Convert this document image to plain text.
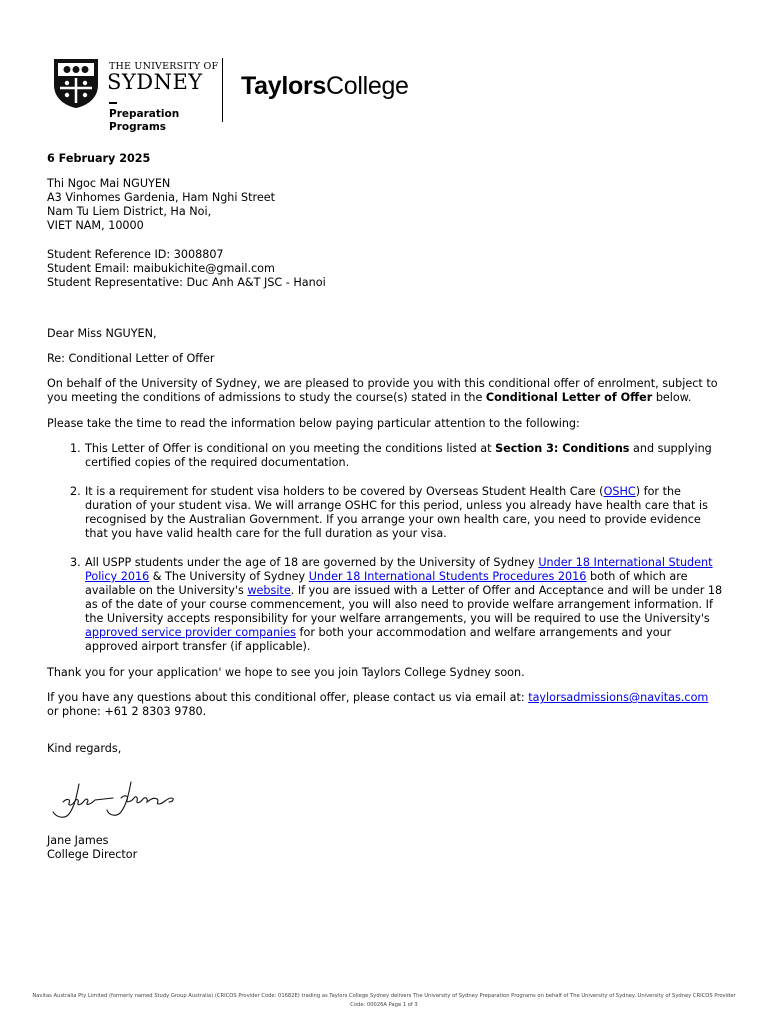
THE UNIVERSITY OF
SYDNEY
Preparation
Programs
TaylorsCollege
6 February 2025
Thi Ngoc Mai NGUYEN
A3 Vinhomes Gardenia, Ham Nghi Street
Nam Tu Liem District, Ha Noi,
VIET NAM, 10000
Student Reference ID: 3008807
Student Email: maibukichite@gmail.com
Student Representative: Duc Anh A&T JSC - Hanoi
Dear Miss NGUYEN,
Re: Conditional Letter of Offer
On behalf of the University of Sydney, we are pleased to provide you with this conditional offer of enrolment, subject to you meeting the conditions of admissions to study the course(s) stated in the Conditional Letter of Offer below.
Please take the time to read the information below paying particular attention to the following:
1. This Letter of Offer is conditional on you meeting the conditions listed at Section 3: Conditions and supplying certified copies of the required documentation.
2. It is a requirement for student visa holders to be covered by Overseas Student Health Care (OSHC) for the duration of your student visa. We will arrange OSHC for this period, unless you already have health care that is recognised by the Australian Government. If you arrange your own health care, you need to provide evidence that you have valid health care for the full duration as your visa.
3. All USPP students under the age of 18 are governed by the University of Sydney Under 18 International Student Policy 2016 & The University of Sydney Under 18 International Students Procedures 2016 both of which are available on the University's website. If you are issued with a Letter of Offer and Acceptance and will be under 18 as of the date of your course commencement, you will also need to provide welfare arrangement information. If the University accepts responsibility for your welfare arrangements, you will be required to use the University's approved service provider companies for both your accommodation and welfare arrangements and your approved airport transfer (if applicable).
Thank you for your application' we hope to see you join Taylors College Sydney soon.
If you have any questions about this conditional offer, please contact us via email at: taylorsadmissions@navitas.com or phone: +61 2 8303 9780.
Kind regards,
Jane James
College Director
Navitas Australia Pty Limited (formerly named Study Group Australia) (CRICOS Provider Code: 01682E) trading as Taylors College Sydney delivers The University of Sydney Preparation Programs on behalf of The University of Sydney. University of Sydney CRICOS Provider
Code: 00026A Page 1 of 3
